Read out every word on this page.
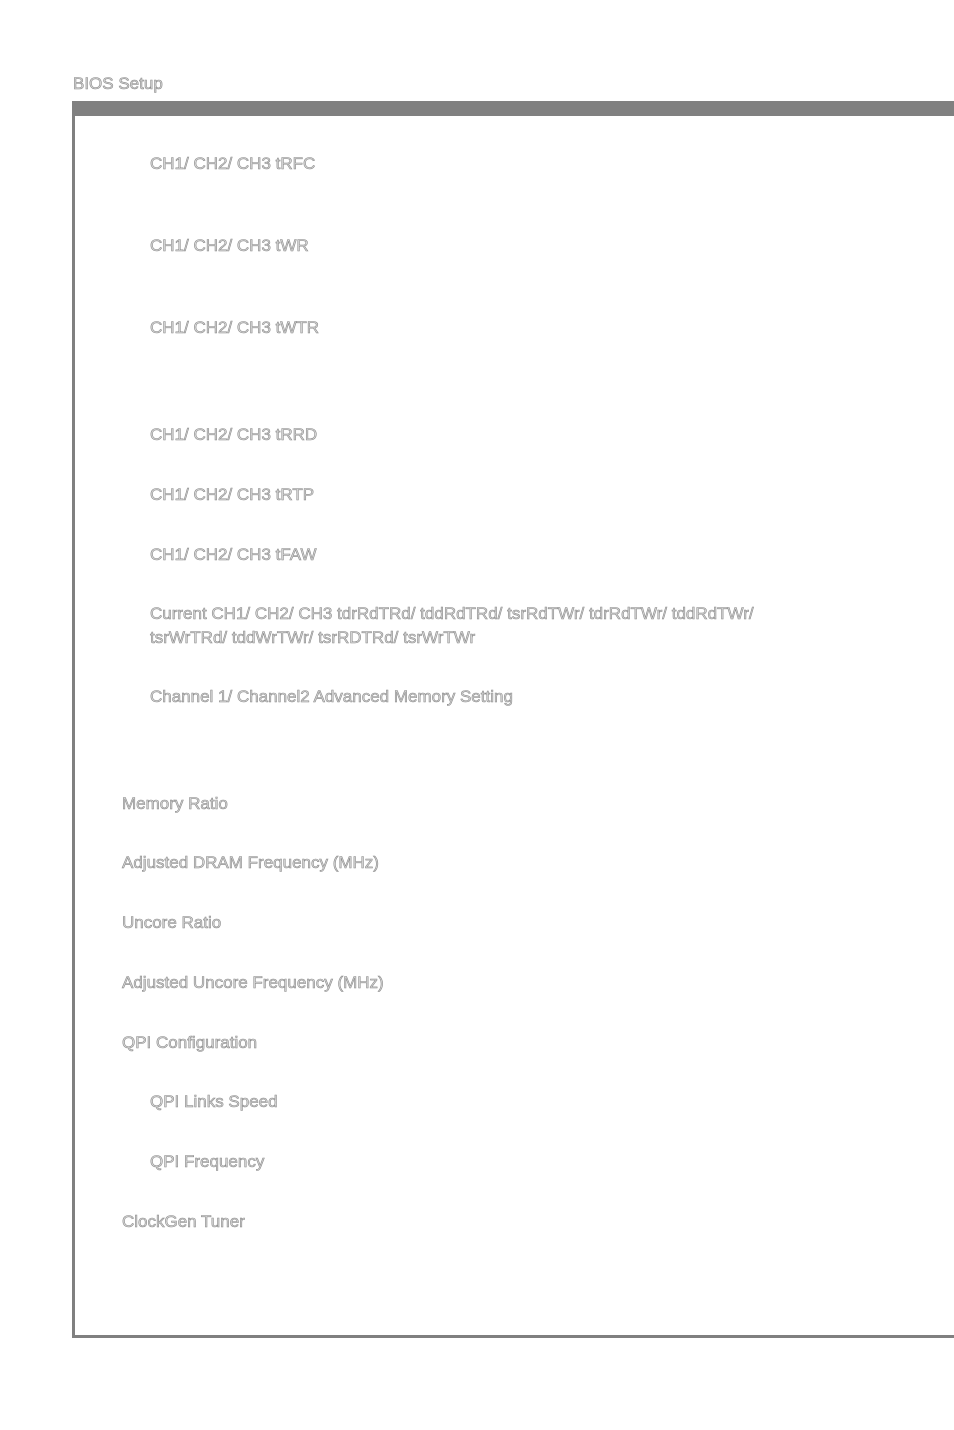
BIOS Setup
CH1/ CH2/ CH3 tRFC
CH1/ CH2/ CH3 tWR
CH1/ CH2/ CH3 tWTR
CH1/ CH2/ CH3 tRRD
CH1/ CH2/ CH3 tRTP
CH1/ CH2/ CH3 tFAW
Current CH1/ CH2/ CH3 tdrRdTRd/ tddRdTRd/ tsrRdTWr/ tdrRdTWr/ tddRdTWr/
tsrWrTRd/ tddWrTWr/ tsrRDTRd/ tsrWrTWr
Channel 1/ Channel2 Advanced Memory Setting
Memory Ratio
Adjusted DRAM Frequency (MHz)
Uncore Ratio
Adjusted Uncore Frequency (MHz)
QPI Configuration
QPI Links Speed
QPI Frequency
ClockGen Tuner
